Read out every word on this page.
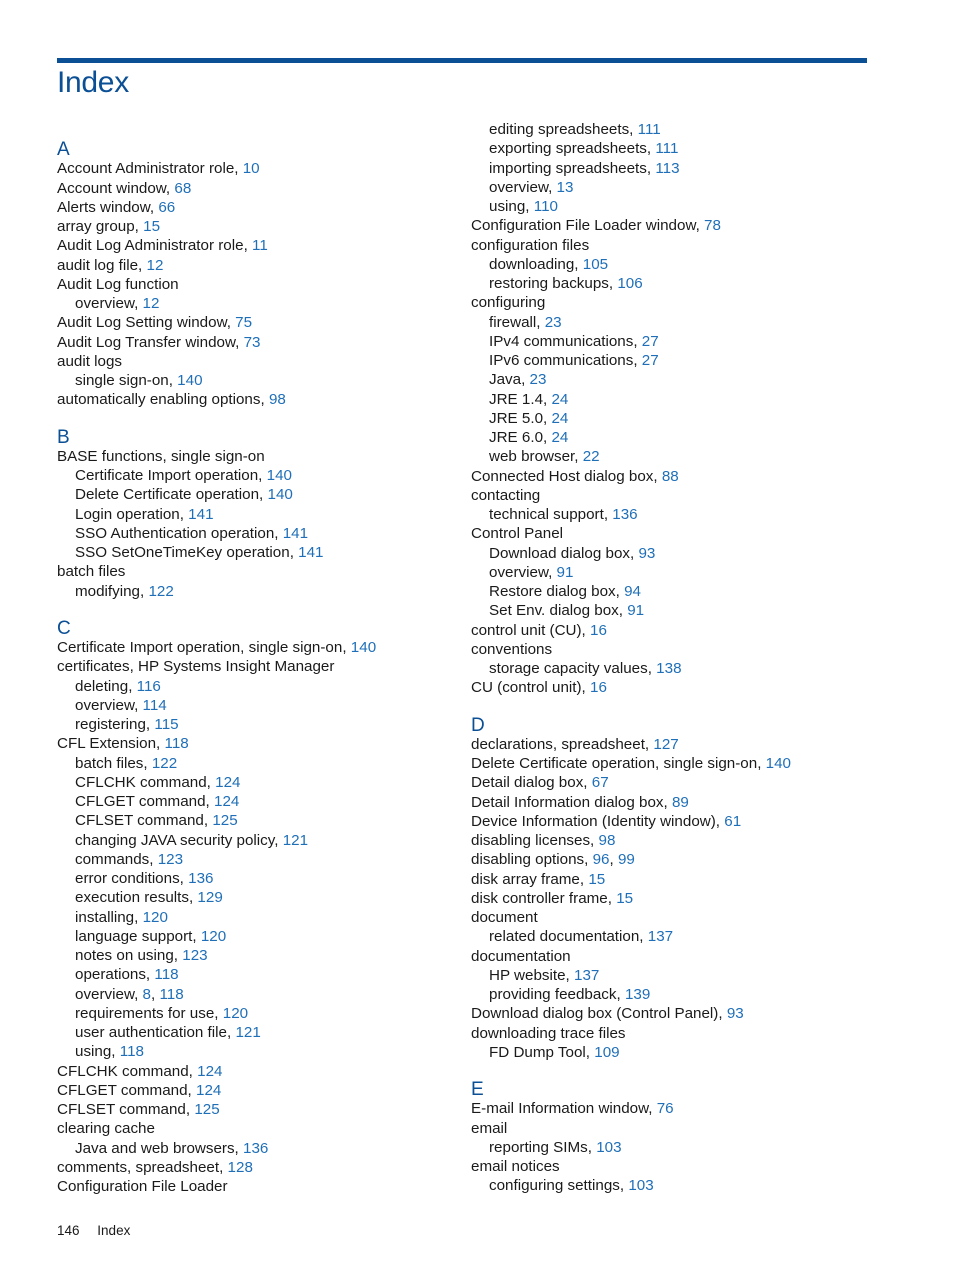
Index
A
Account Administrator role, 10
Account window, 68
Alerts window, 66
array group, 15
Audit Log Administrator role, 11
audit log file, 12
Audit Log function
overview, 12
Audit Log Setting window, 75
Audit Log Transfer window, 73
audit logs
single sign-on, 140
automatically enabling options, 98
B
BASE functions, single sign-on
Certificate Import operation, 140
Delete Certificate operation, 140
Login operation, 141
SSO Authentication operation, 141
SSO SetOneTimeKey operation, 141
batch files
modifying, 122
C
Certificate Import operation, single sign-on, 140
certificates, HP Systems Insight Manager
deleting, 116
overview, 114
registering, 115
CFL Extension, 118
batch files, 122
CFLCHK command, 124
CFLGET command, 124
CFLSET command, 125
changing JAVA security policy, 121
commands, 123
error conditions, 136
execution results, 129
installing, 120
language support, 120
notes on using, 123
operations, 118
overview, 8, 118
requirements for use, 120
user authentication file, 121
using, 118
CFLCHK command, 124
CFLGET command, 124
CFLSET command, 125
clearing cache
Java and web browsers, 136
comments, spreadsheet, 128
Configuration File Loader
editing spreadsheets, 111
exporting spreadsheets, 111
importing spreadsheets, 113
overview, 13
using, 110
Configuration File Loader window, 78
configuration files
downloading, 105
restoring backups, 106
configuring
firewall, 23
IPv4 communications, 27
IPv6 communications, 27
Java, 23
JRE 1.4, 24
JRE 5.0, 24
JRE 6.0, 24
web browser, 22
Connected Host dialog box, 88
contacting
technical support, 136
Control Panel
Download dialog box, 93
overview, 91
Restore dialog box, 94
Set Env. dialog box, 91
control unit (CU), 16
conventions
storage capacity values, 138
CU (control unit), 16
D
declarations, spreadsheet, 127
Delete Certificate operation, single sign-on, 140
Detail dialog box, 67
Detail Information dialog box, 89
Device Information (Identity window), 61
disabling licenses, 98
disabling options, 96, 99
disk array frame, 15
disk controller frame, 15
document
related documentation, 137
documentation
HP website, 137
providing feedback, 139
Download dialog box (Control Panel), 93
downloading trace files
FD Dump Tool, 109
E
E-mail Information window, 76
email
reporting SIMs, 103
email notices
configuring settings, 103
146 Index
